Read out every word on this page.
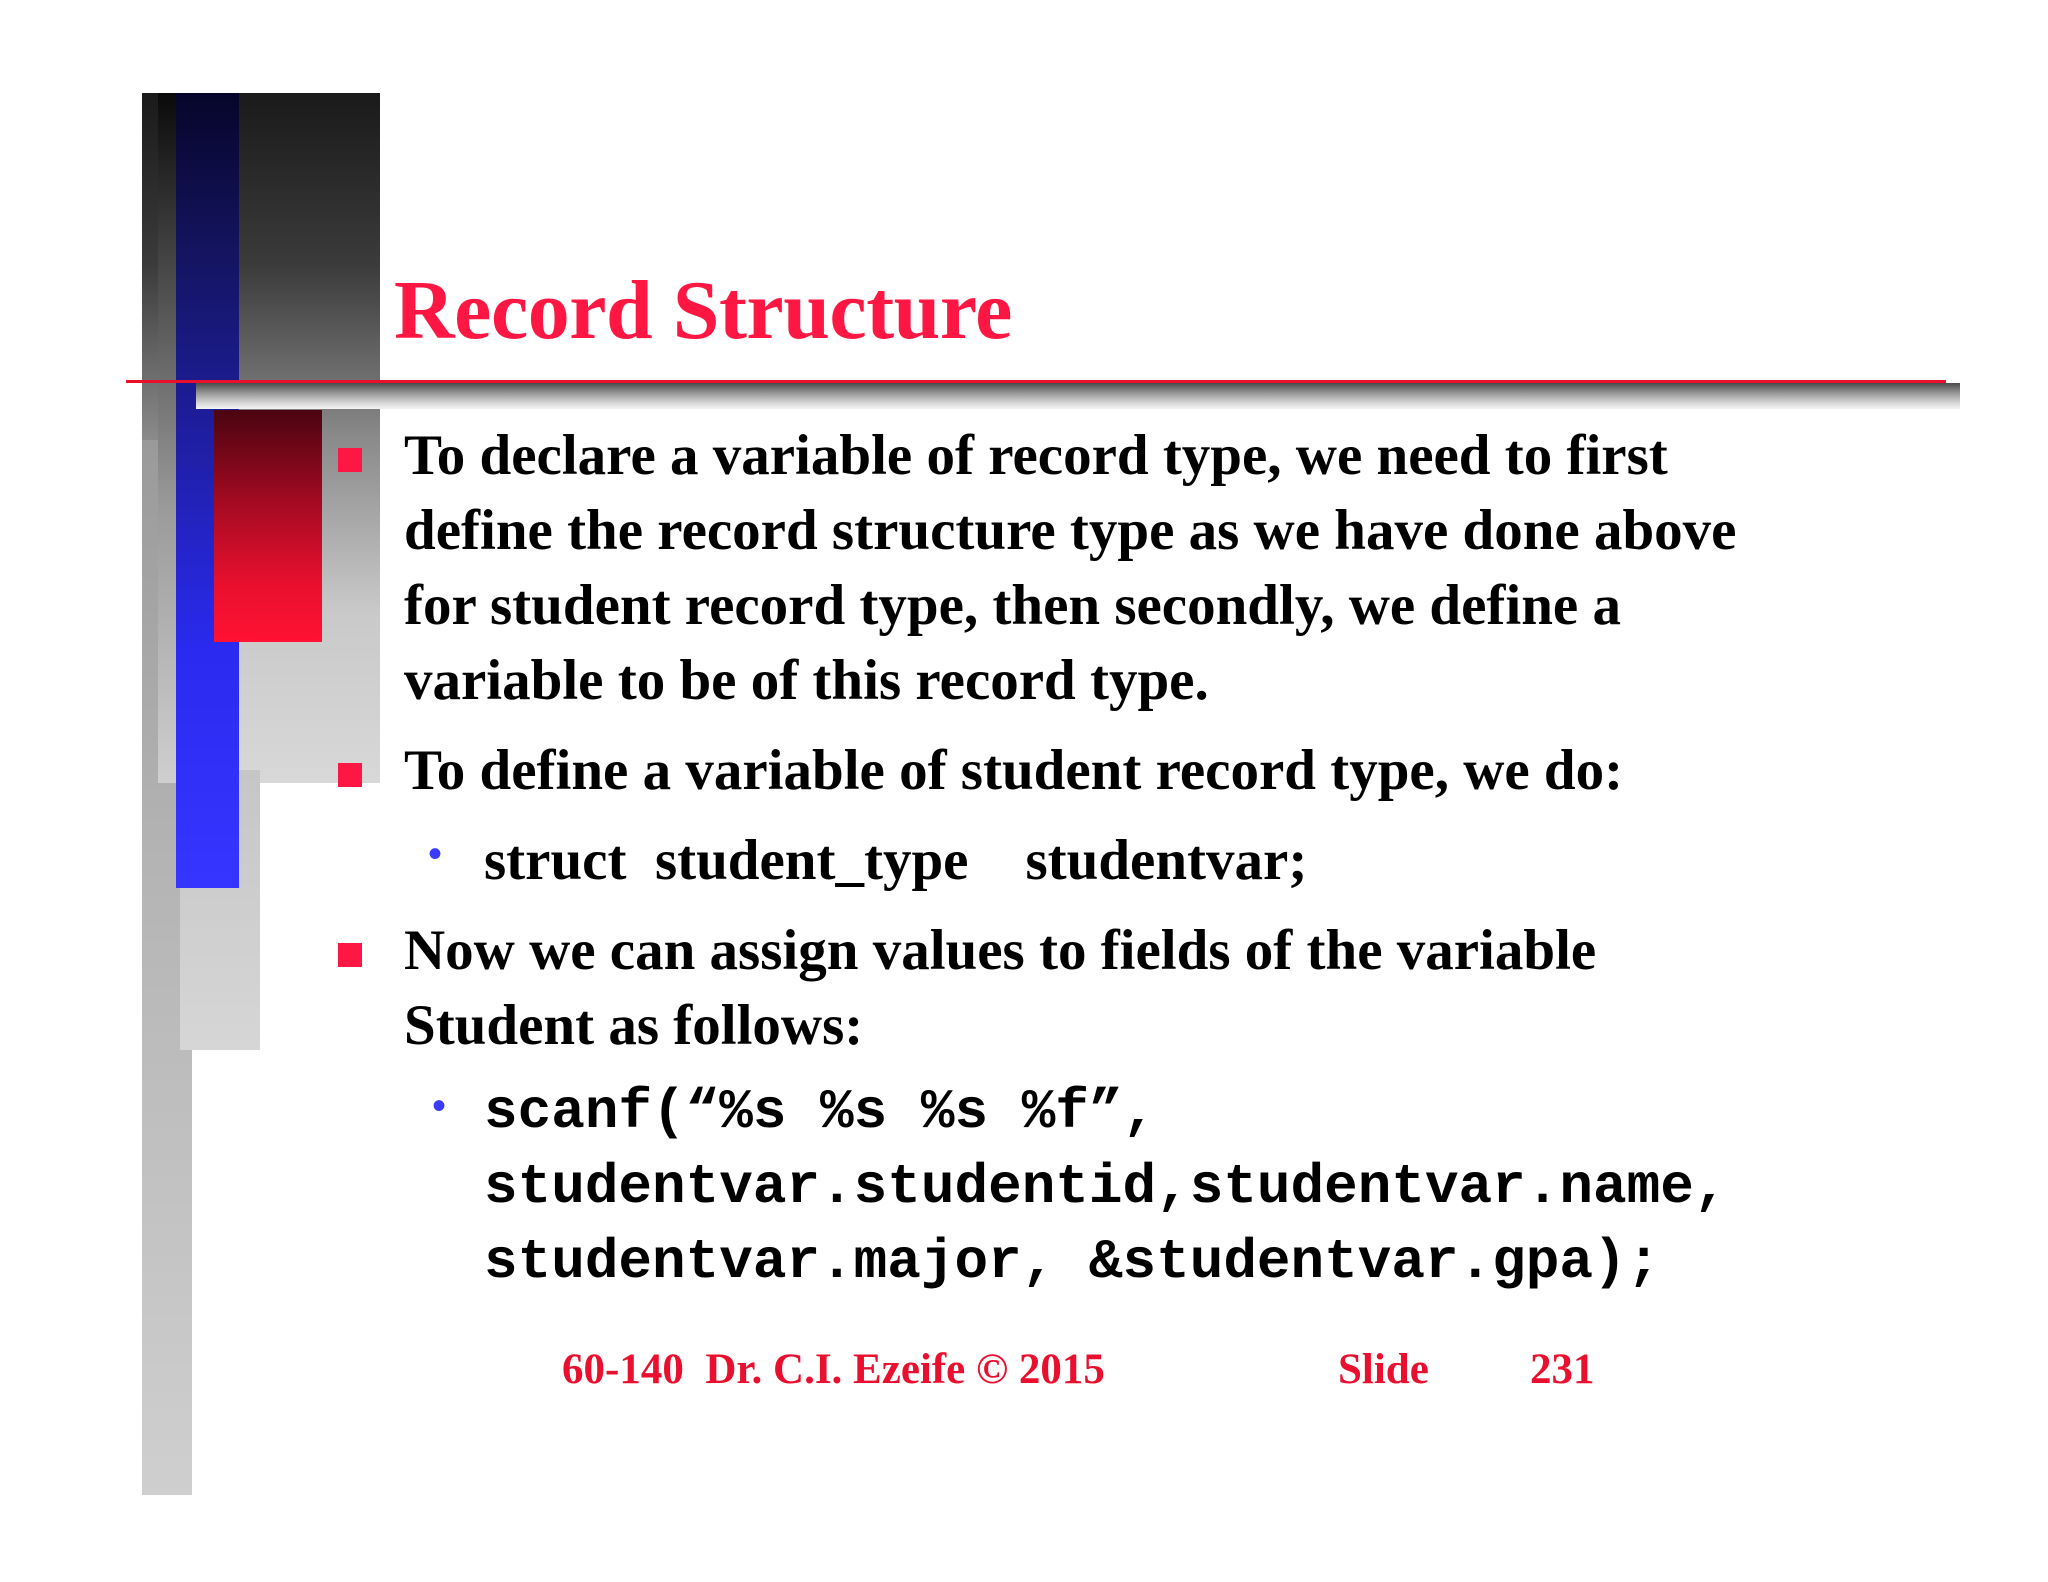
Record Structure
To declare a variable of record type, we need to first
define the record structure type as we have done above
for student record type, then secondly, we define a
variable to be of this record type.
To define a variable of student record type, we do:
• struct  student_type    studentvar;
Now we can assign values to fields of the variable
Student as follows:
• scanf(“%s %s %s %f”,
studentvar.studentid,studentvar.name,
studentvar.major, &studentvar.gpa);
60-140  Dr. C.I. Ezeife © 2015	Slide 231
